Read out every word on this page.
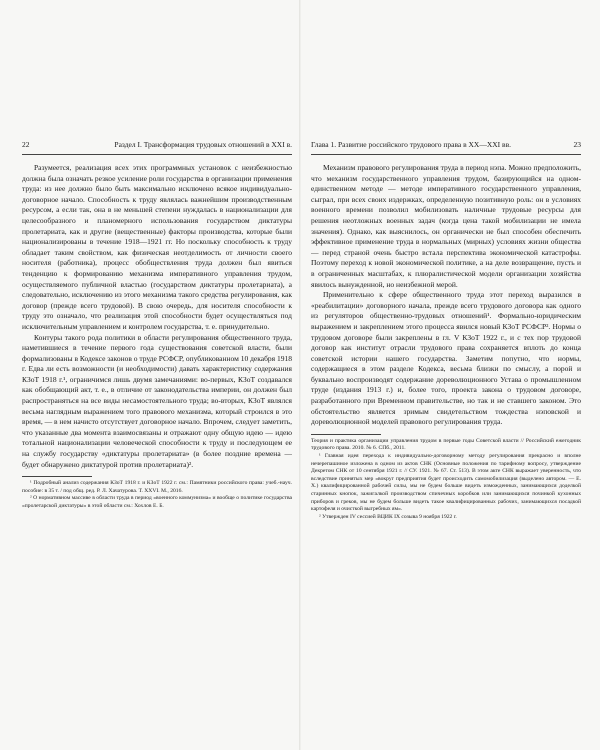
22	Раздел I. Трансформация трудовых отношений в XXI в.

Разумеется, реализация всех этих программных установок с неизбежностью должна была означать резкое усиление роли государства в организации применения труда: из нее должно было быть максимально исключено всякое индивидуально-договорное начало. Способность к труду являлась важнейшим производственным ресурсом, а если так, она в не меньшей степени нуждалась в национализации для целесообразного и планомерного использования государством диктатуры пролетариата, как и другие (вещественные) факторы производства, которые были национализированы в течение 1918—1921 гг. Но поскольку способность к труду обладает таким свойством, как физическая неотделимость от личности своего носителя (работника), процесс обобществления труда должен был явиться тенденцию к формированию механизма императивного управления трудом, осуществляемого публичной властью (государством диктатуры пролетариата), а следовательно, исключению из этого механизма такого средства регулирования, как договор (прежде всего трудовой). В свою очередь, для носителя способности к труду это означало, что реализация этой способности будет осуществляться под исключительным управлением и контролем государства, т. е. принудительно.

Контуры такого рода политики в области регулирования общественного труда, наметившиеся в течение первого года существования советской власти, были формализованы в Кодексе законов о труде РСФСР, опубликованном 10 декабря 1918 г. Едва ли есть возможности (и необходимости) давать характеристику содержания КЗоТ 1918 г.¹, ограничимся лишь двумя замечаниями: во-первых, КЗоТ создавался как обобщающий акт, т. е., в отличие от законодательства империи, он должен был распространяться на все виды несамостоятельного труда; во-вторых, КЗоТ являлся весьма наглядным выражением того правового механизма, который строился в это время, — в нем начисто отсутствует договорное начало. Впрочем, следует заметить, что указанные два момента взаимосвязаны и отражают одну общую идею — идею тотальной национализации человеческой способности к труду и последующем ее на службу государству «диктатуры пролетариата» (в более поздние времена — будет обнаружено диктатурой против пролетариата)².

¹ Подробный анализ содержания КЗоТ 1918 г. и КЗоТ 1922 г. см.: Памятники российского права: учеб.-науч. пособие: в 35 т. / под общ. ред. Р. Л. Хачатурова. Т. XXVI. М., 2016.

² О нормативном массиве в области труда в период «военного коммунизма» и вообще о политике государства «пролетарской диктатуры» в этой области см.: Хохлов Е. Б.

Глава 1. Развитие российского трудового права в XX—XXI вв.	23

Механизм правового регулирования труда в период нэпа. Можно предположить, что механизм государственного управления трудом, базирующийся на одном-единственном методе — методе императивного государственного управления, сыграл, при всех своих издержках, определенную позитивную роль: он в условиях военного времени позволил мобилизовать наличные трудовые ресурсы для решения неотложных военных задач (когда цена такой мобилизации не имела значения). Однако, как выяснилось, он органически не был способен обеспечить эффективное применение труда в нормальных (мирных) условиях жизни общества — перед страной очень быстро встала перспектива экономической катастрофы. Поэтому переход к новой экономической политике, а на деле возвращение, пусть и в ограниченных масштабах, к плюралистической модели организации хозяйства явилось вынужденной, но неизбежной мерой.

Применительно к сфере общественного труда этот переход выразился в «реабилитации» договорного начала, прежде всего трудового договора как одного из регуляторов общественно-трудовых отношений¹. Формально-юридическим выражением и закреплением этого процесса явился новый КЗоТ РСФСР². Нормы о трудовом договоре были закреплены в гл. V КЗоТ 1922 г., и с тех пор трудовой договор как институт отрасли трудового права сохраняется вплоть до конца советской истории нашего государства. Заметим попутно, что нормы, содержащиеся в этом разделе Кодекса, весьма близки по смыслу, а порой и буквально воспроизводят содержание дореволюционного Устава о промышленном труде (издания 1913 г.) и, более того, проекта закона о трудовом договоре, разработанного при Временном правительстве, но так и не ставшего законом. Это обстоятельство является зримым свидетельством тождества нэповской и дореволюционной моделей правового регулирования труда.

Теория и практика организации управления трудом в первые годы Советской власти // Российский ежегодник трудового права. 2010. № 6. СПб., 2011.

¹ Главная идея перехода к индивидуально-договорному методу регулирования прекрасно и вполне нечерепашиное изложена в одном из актов СНК (Основные положения по тарифному вопросу, утверждение Декретом СНК от 10 сентября 1921 г. // СУ. 1921. № 67. Ст. 513). В этом акте СНК выражает уверенность, что вследствие принятых мер «вокруг предприятия будет происходить самомобилизация (выделено автором. — Е. Х.) квалифицированной рабочей силы, мы не будем больше видеть изможденных, занимающихся доделкой старинных кнопок, зажигалкой производством спичечных коробков или занимающихся починкой кухонных приборов и греков, мы не будем больше видеть такое квалифицированных рабочих, занимающихся посадкой картофеля и очисткой выгребных ям».

² Утвержден IV сессией ВЦИК IX созыва 9 ноября 1922 г.
